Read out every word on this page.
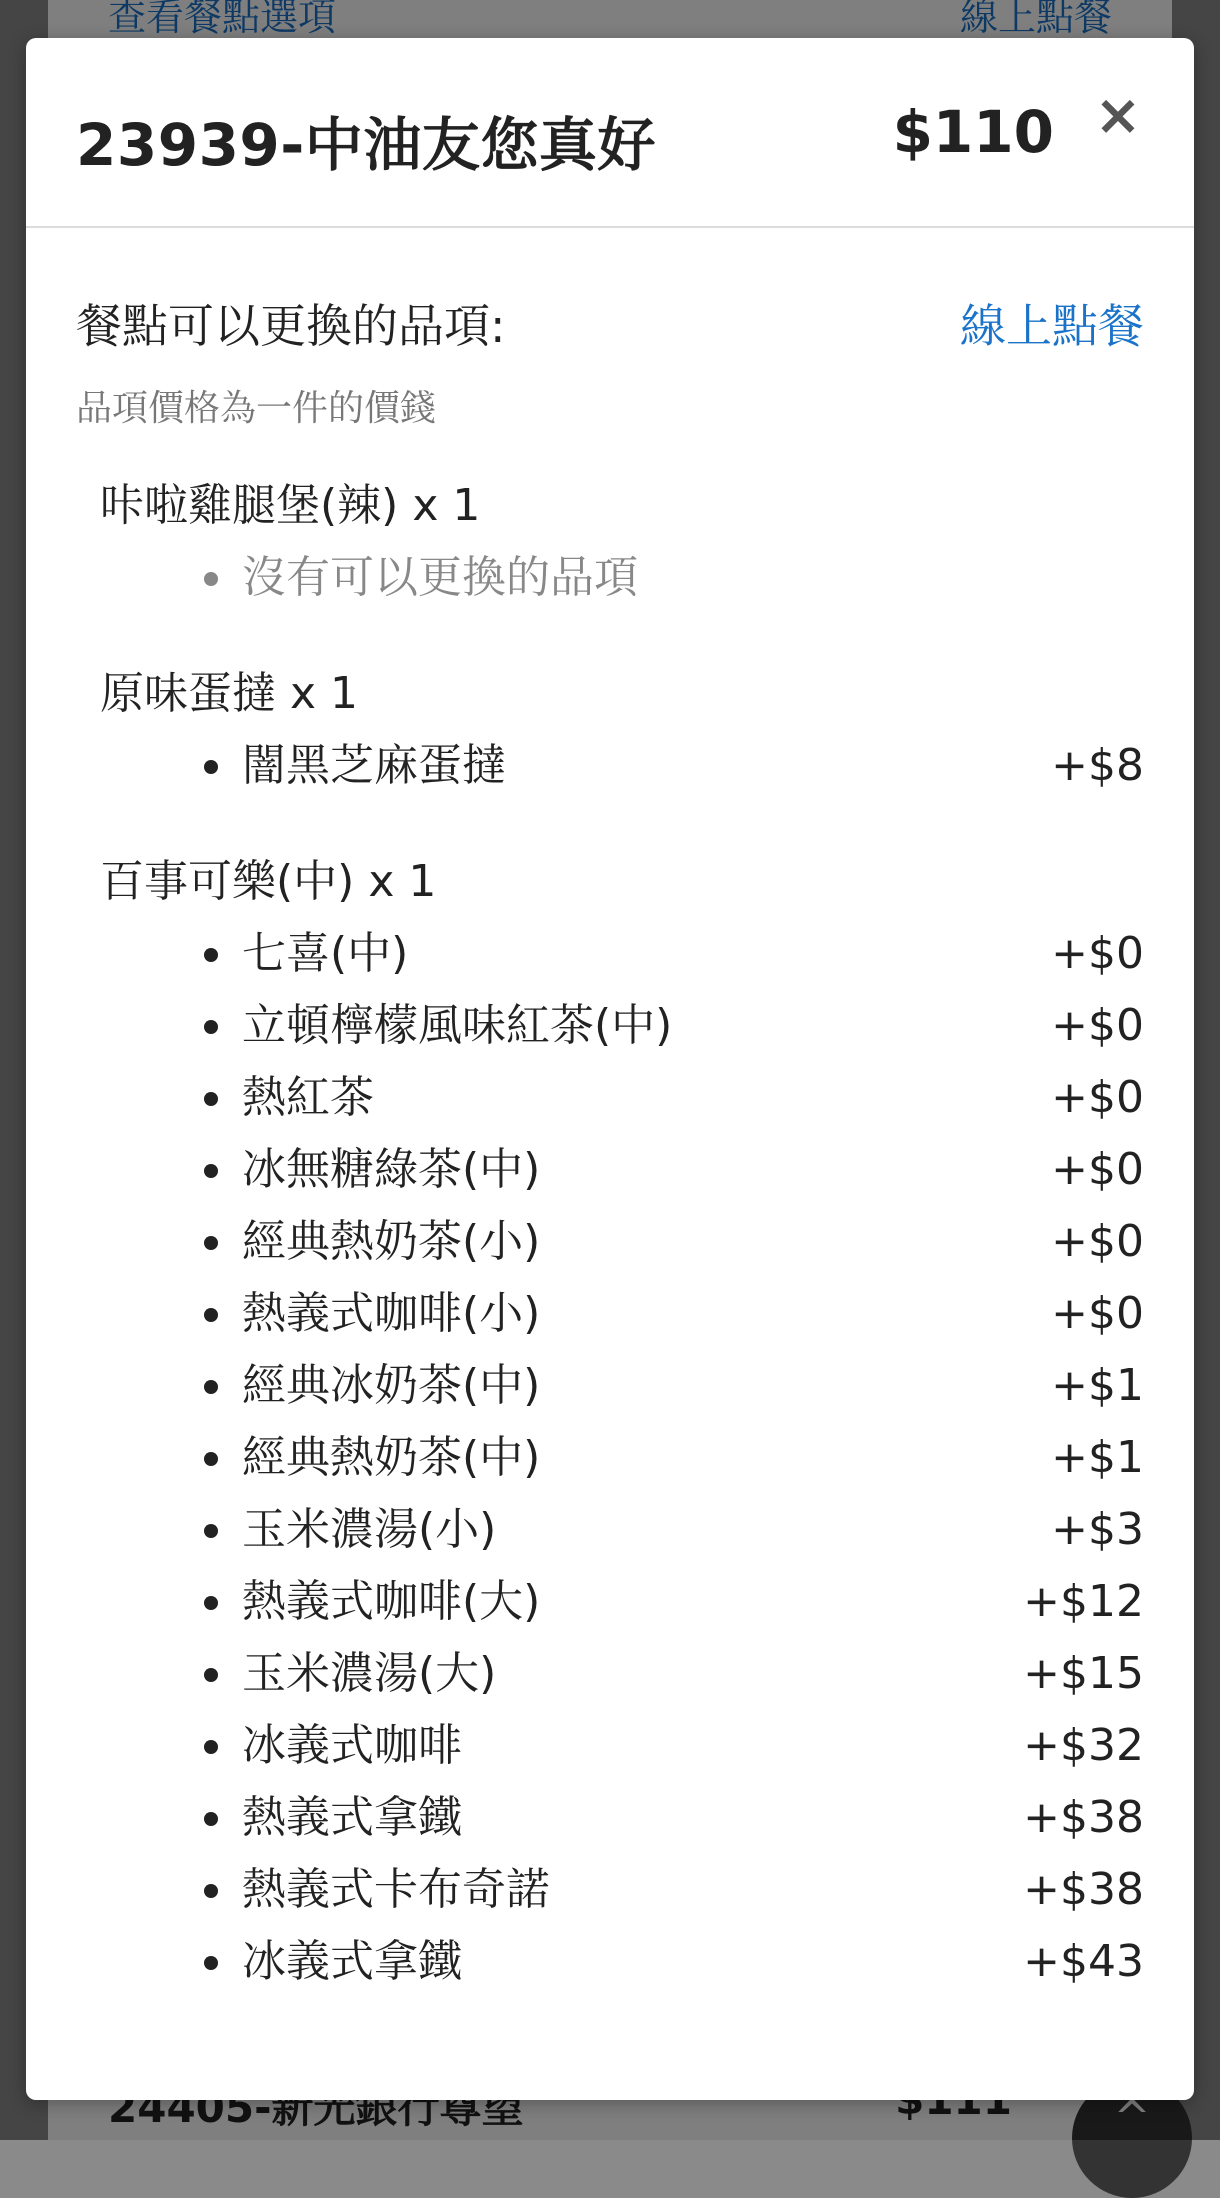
23939-中油友您真好	$110 ×
餐點可以更換的品項:	線上點餐
品項價格為一件的價錢
咔啦雞腿堡(辣) x 1
沒有可以更換的品項
原味蛋撻 x 1
闇黑芝麻蛋撻	+$8
百事可樂(中) x 1
七喜(中)	+$0
立頓檸檬風味紅茶(中)	+$0
熱紅茶	+$0
冰無糖綠茶(中)	+$0
經典熱奶茶(小)	+$0
熱義式咖啡(小)	+$0
經典冰奶茶(中)	+$1
經典熱奶茶(中)	+$1
玉米濃湯(小)	+$3
熱義式咖啡(大)	+$12
玉米濃湯(大)	+$15
冰義式咖啡	+$32
熱義式拿鐵	+$38
熱義式卡布奇諾	+$38
冰義式拿鐵	+$43
